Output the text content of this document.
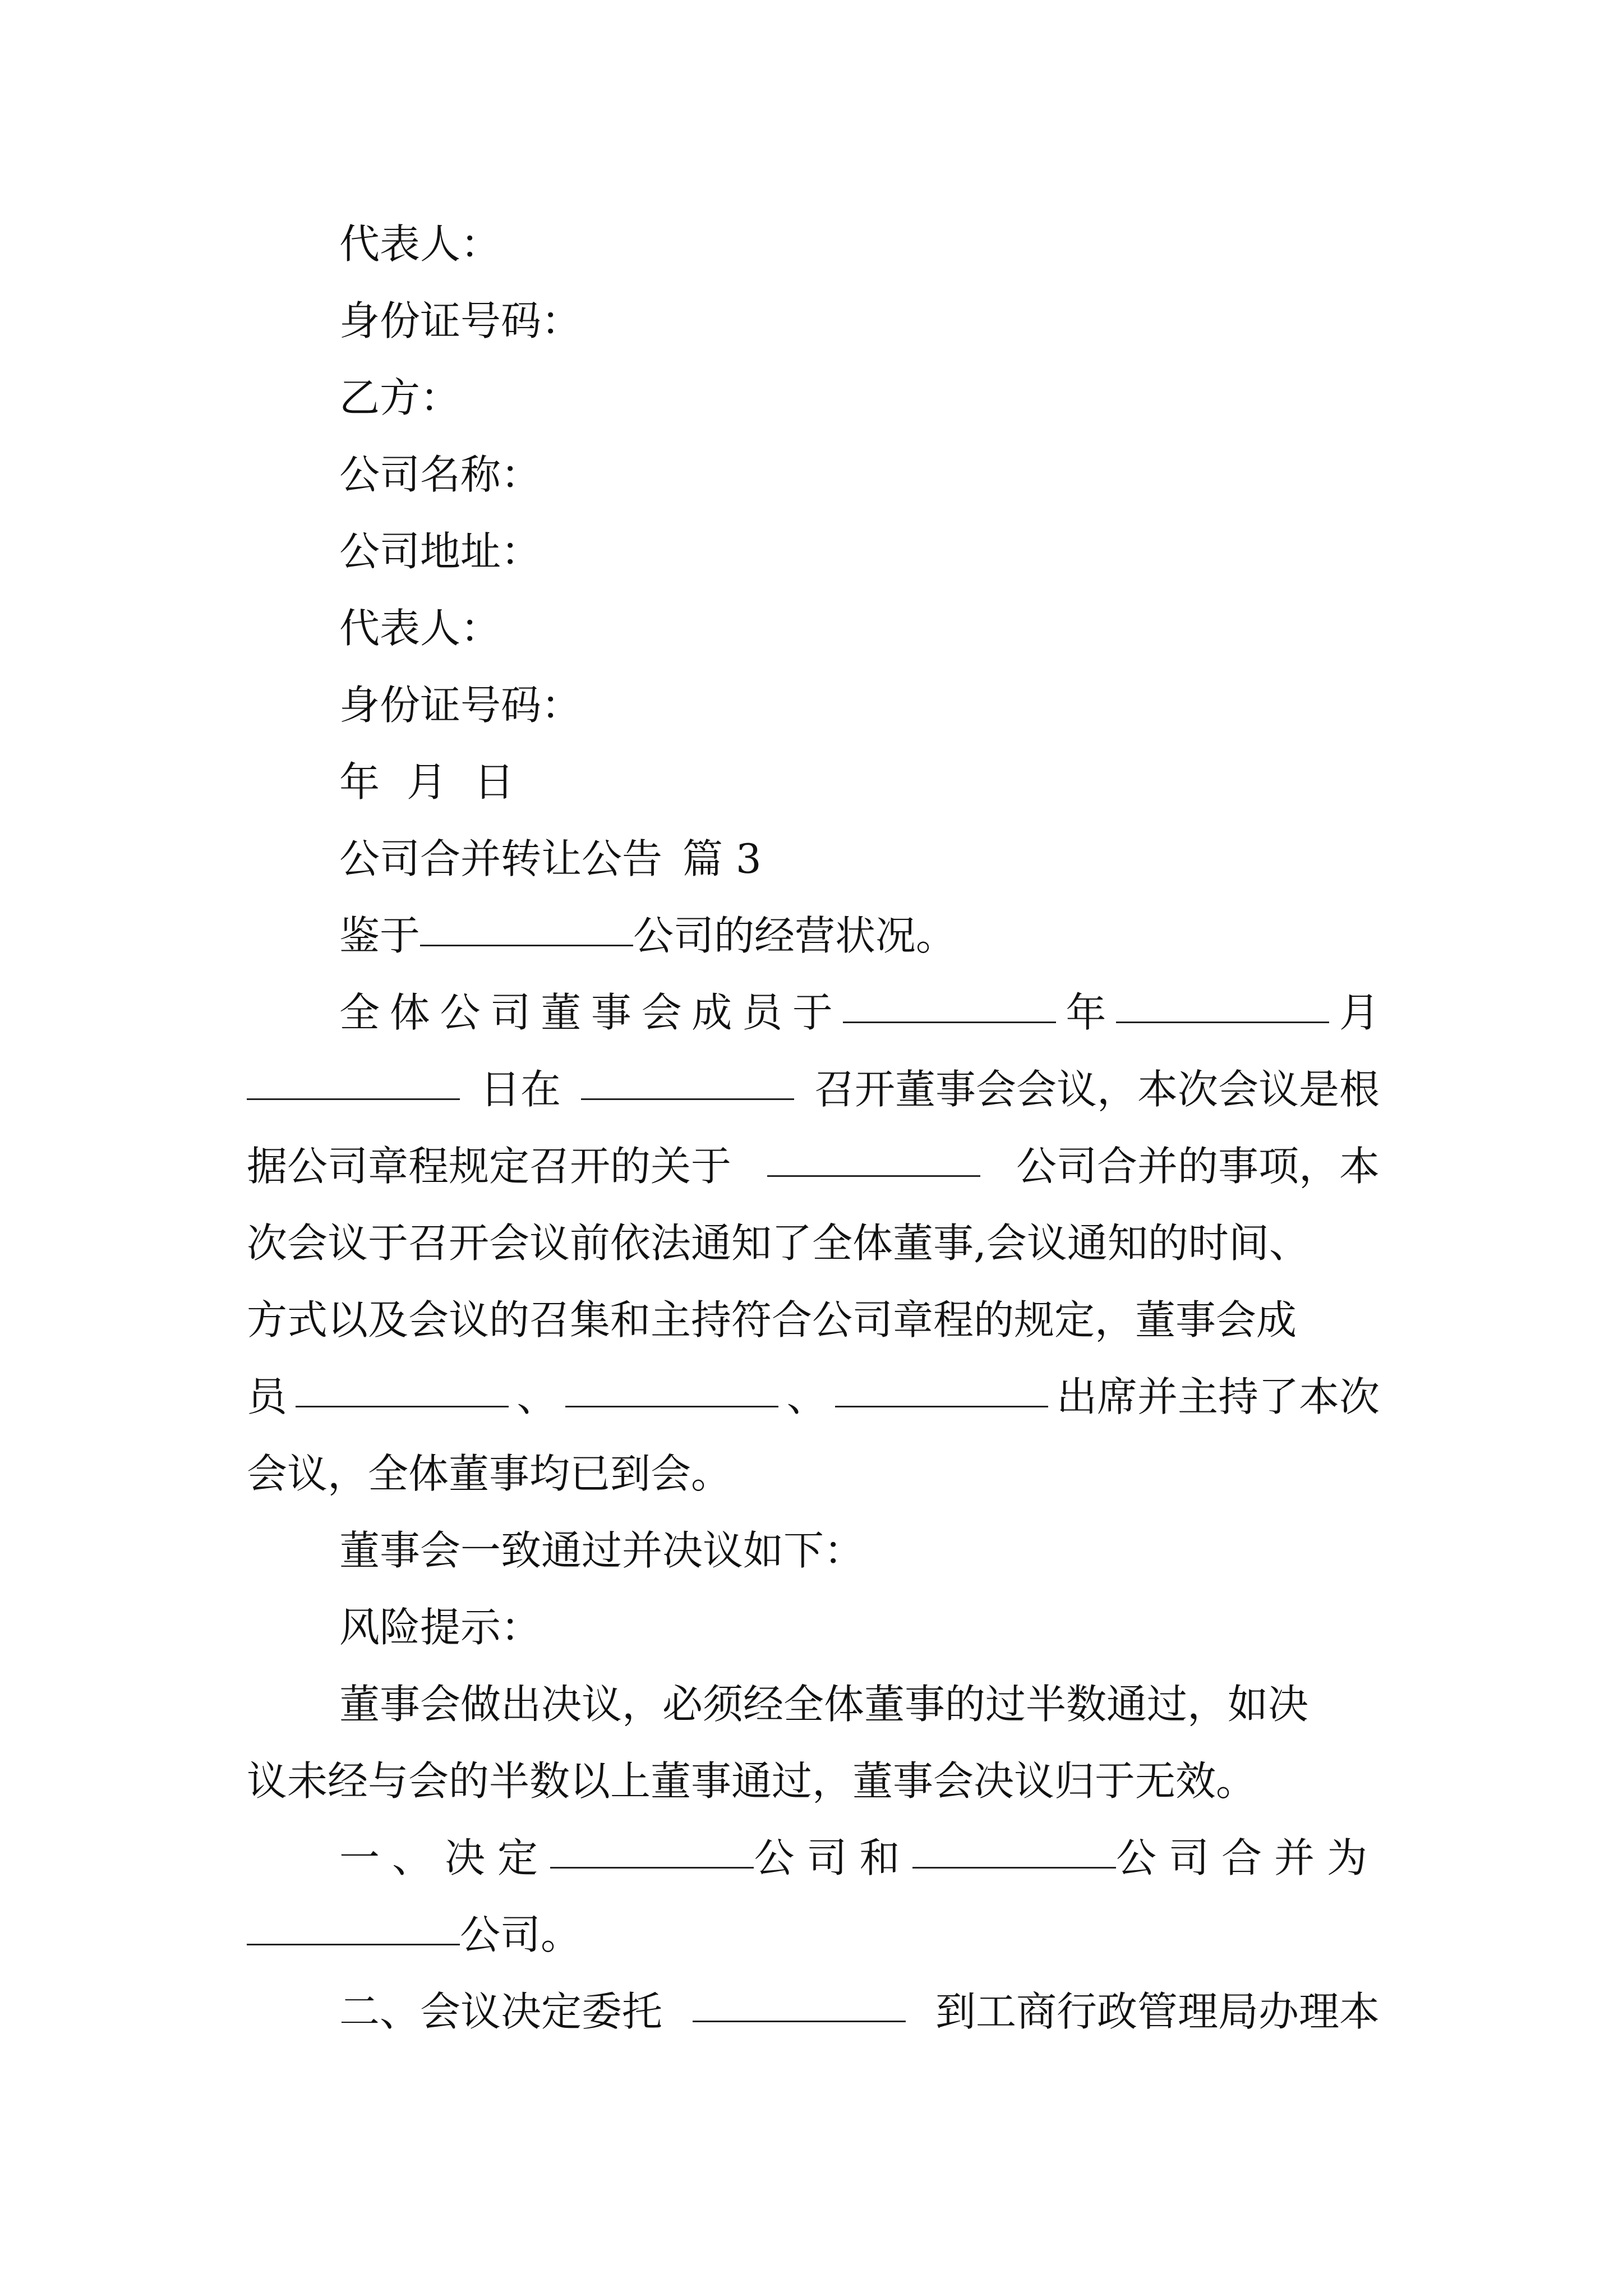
代表人：
身份证号码：
乙方：
公司名称：
公司地址：
代表人：
身份证号码：
年 月 日
公司合并转让公告 篇 3
鉴于	公司的经营状况。
全 体 公 司 董 事 会 成 员 于	年	月
日在	召开董事会会议，本次会议是根
据公司章程规定召开的关于	公司合并的事项，本
次会议于召开会议前依法通知了全体董事,会议通知的时间、
方式以及会议的召集和主持符合公司章程的规定，董事会成
员	、	、	出席并主持了本次
会议，全体董事均已到会。
董事会一致通过并决议如下：
风险提示：
董事会做出决议，必须经全体董事的过半数通过，如决
议未经与会的半数以上董事通过，董事会决议归于无效。
一、决定	公司和	公司合并为
公司。
二、会议决定委托	到工商行政管理局办理本
